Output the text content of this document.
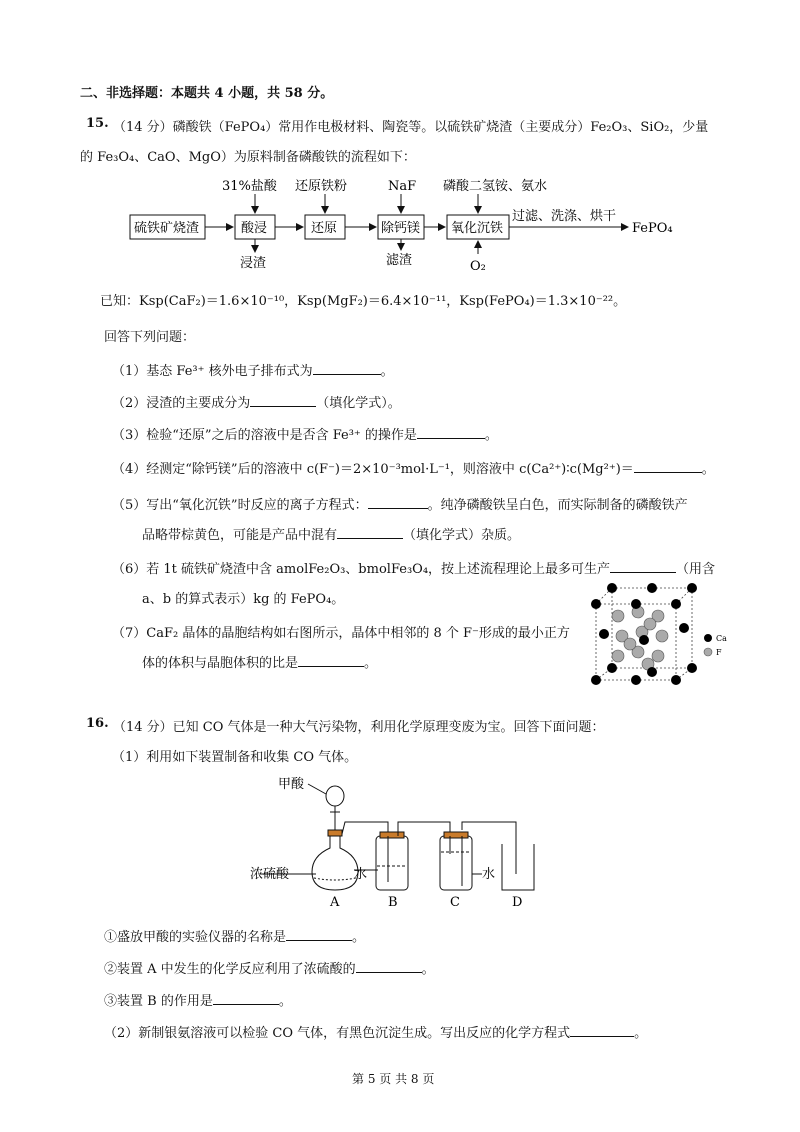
二、非选择题：本题共 4 小题，共 58 分。
15. （14 分）磷酸铁（FePO₄）常用作电极材料、陶瓷等。以硫铁矿烧渣（主要成分）Fe₂O₃、SiO₂，少量
的 Fe₃O₄、CaO、MgO）为原料制备磷酸铁的流程如下：
硫铁矿烧渣	酸浸	还原	除钙镁 氧化沉铁
31%盐酸 还原铁粉	NaF 磷酸二氢铵、氨水
浸渣	滤渣	O₂
过滤、洗涤、烘干
FePO₄
已知：Ksp(CaF₂)＝1.6×10⁻¹⁰，Ksp(MgF₂)＝6.4×10⁻¹¹，Ksp(FePO₄)＝1.3×10⁻²²。
回答下列问题：
（1）基态 Fe³⁺ 核外电子排布式为	。
（2）浸渣的主要成分为	（填化学式）。
（3）检验“还原”之后的溶液中是否含 Fe³⁺ 的操作是	。
（4）经测定“除钙镁”后的溶液中 c(F⁻)＝2×10⁻³mol·L⁻¹，则溶液中 c(Ca²⁺)∶c(Mg²⁺)＝	。
（5）写出“氧化沉铁”时反应的离子方程式：	。纯净磷酸铁呈白色，而实际制备的磷酸铁产
品略带棕黄色，可能是产品中混有	（填化学式）杂质。
（6）若 1t 硫铁矿烧渣中含 amolFe₂O₃、bmolFe₃O₄，按上述流程理论上最多可生产	（用含
a、b 的算式表示）kg 的 FePO₄。
（7）CaF₂ 晶体的晶胞结构如右图所示，晶体中相邻的 8 个 F⁻形成的最小正方
体的体积与晶胞体积的比是	。
Ca
F
16. （14 分）已知 CO 气体是一种大气污染物，利用化学原理变废为宝。回答下面问题：
（1）利用如下装置制备和收集 CO 气体。
甲酸
浓硫酸	水	水
A	B	C	D
①盛放甲酸的实验仪器的名称是	。
②装置 A 中发生的化学反应利用了浓硫酸的	。
③装置 B 的作用是	。
（2）新制银氨溶液可以检验 CO 气体，有黑色沉淀生成。写出反应的化学方程式	。
第 5 页 共 8 页
